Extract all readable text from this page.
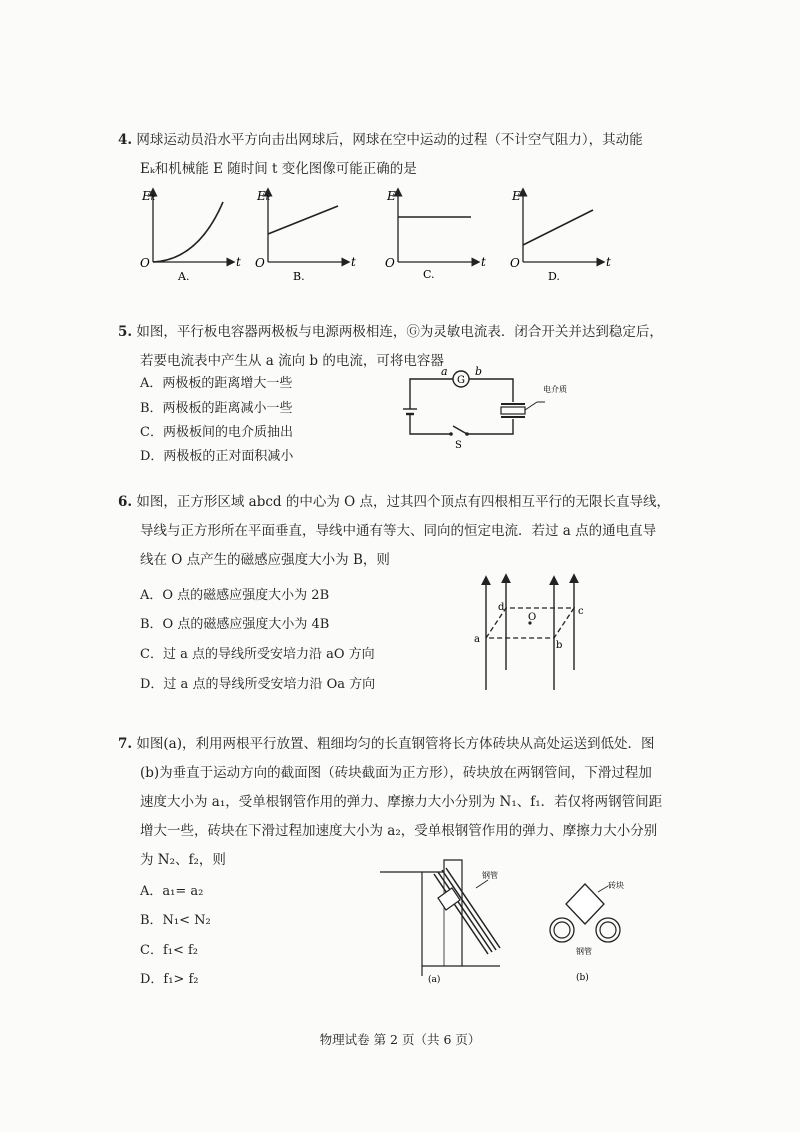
4. 网球运动员沿水平方向击出网球后，网球在空中运动的过程（不计空气阻力），其动能
Eₖ和机械能 E 随时间 t 变化图像可能正确的是
Eₖ
t
O
A.
Eₖ
t
O
B.
E
t
O
C.
E
t
O
D.
5. 如图，平行板电容器两极板与电源两极相连，Ⓖ为灵敏电流表．闭合开关并达到稳定后，
若要电流表中产生从 a 流向 b 的电流，可将电容器
A．两极板的距离增大一些
B．两极板的距离减小一些
C．两极板间的电介质抽出
D．两极板的正对面积减小
G
a b
电介质
S
6. 如图，正方形区域 abcd 的中心为 O 点，过其四个顶点有四根相互平行的无限长直导线，
导线与正方形所在平面垂直，导线中通有等大、同向的恒定电流．若过 a 点的通电直导
线在 O 点产生的磁感应强度大小为 B，则
A．O 点的磁感应强度大小为 2B
B．O 点的磁感应强度大小为 4B
C．过 a 点的导线所受安培力沿 aO 方向
D．过 a 点的导线所受安培力沿 Oa 方向
a
b
c
d
O
7. 如图(a)，利用两根平行放置、粗细均匀的长直钢管将长方体砖块从高处运送到低处．图
(b)为垂直于运动方向的截面图（砖块截面为正方形），砖块放在两钢管间，下滑过程加
速度大小为 a₁，受单根钢管作用的弹力、摩擦力大小分别为 N₁、f₁．若仅将两钢管间距
增大一些，砖块在下滑过程加速度大小为 a₂，受单根钢管作用的弹力、摩擦力大小分别
为 N₂、f₂，则
A．a₁= a₂
B．N₁< N₂
C．f₁< f₂
D．f₁> f₂
钢管
(a)
砖块
钢管
(b)
物理试卷 第 2 页（共 6 页）
